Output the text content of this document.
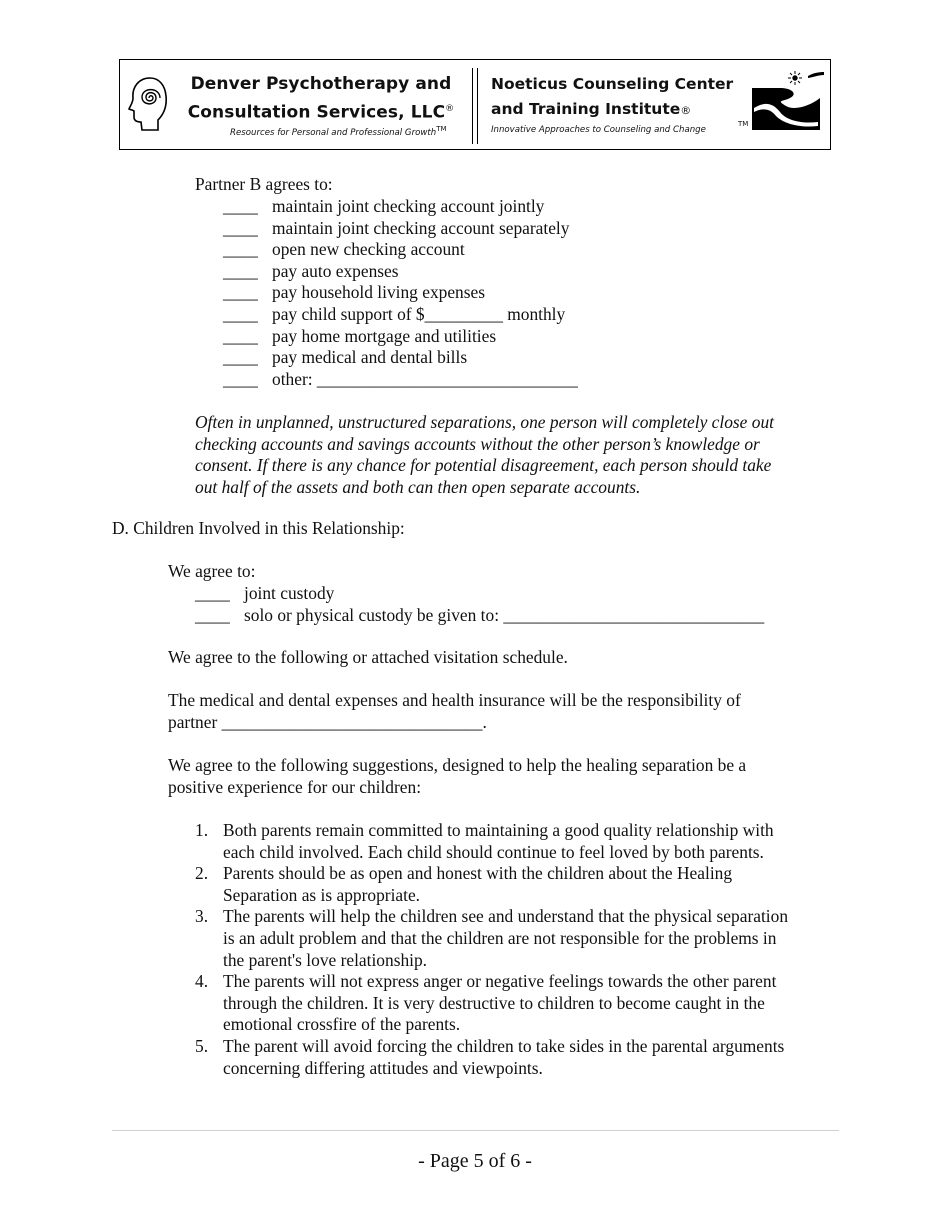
Denver Psychotherapy and
Consultation Services, LLC®
Resources for Personal and Professional Growth™
Noeticus Counseling Center
and Training Institute®
Innovative Approaches to Counseling and Change
TM
Partner B agrees to:
____ maintain joint checking account jointly
____ maintain joint checking account separately
____ open new checking account
____ pay auto expenses
____ pay household living expenses
____ pay child support of $_________ monthly
____ pay home mortgage and utilities
____ pay medical and dental bills
____ other: ______________________________
Often in unplanned, unstructured separations, one person will completely close out
checking accounts and savings accounts without the other person’s knowledge or
consent. If there is any chance for potential disagreement, each person should take
out half of the assets and both can then open separate accounts.
D. Children Involved in this Relationship:
We agree to:
____ joint custody
____ solo or physical custody be given to: ______________________________
We agree to the following or attached visitation schedule.
The medical and dental expenses and health insurance will be the responsibility of
partner ______________________________.
We agree to the following suggestions, designed to help the healing separation be a
positive experience for our children:
1. Both parents remain committed to maintaining a good quality relationship with
each child involved. Each child should continue to feel loved by both parents.
2. Parents should be as open and honest with the children about the Healing
Separation as is appropriate.
3. The parents will help the children see and understand that the physical separation
is an adult problem and that the children are not responsible for the problems in
the parent's love relationship.
4. The parents will not express anger or negative feelings towards the other parent
through the children. It is very destructive to children to become caught in the
emotional crossfire of the parents.
5. The parent will avoid forcing the children to take sides in the parental arguments
concerning differing attitudes and viewpoints.
- Page 5 of 6 -
